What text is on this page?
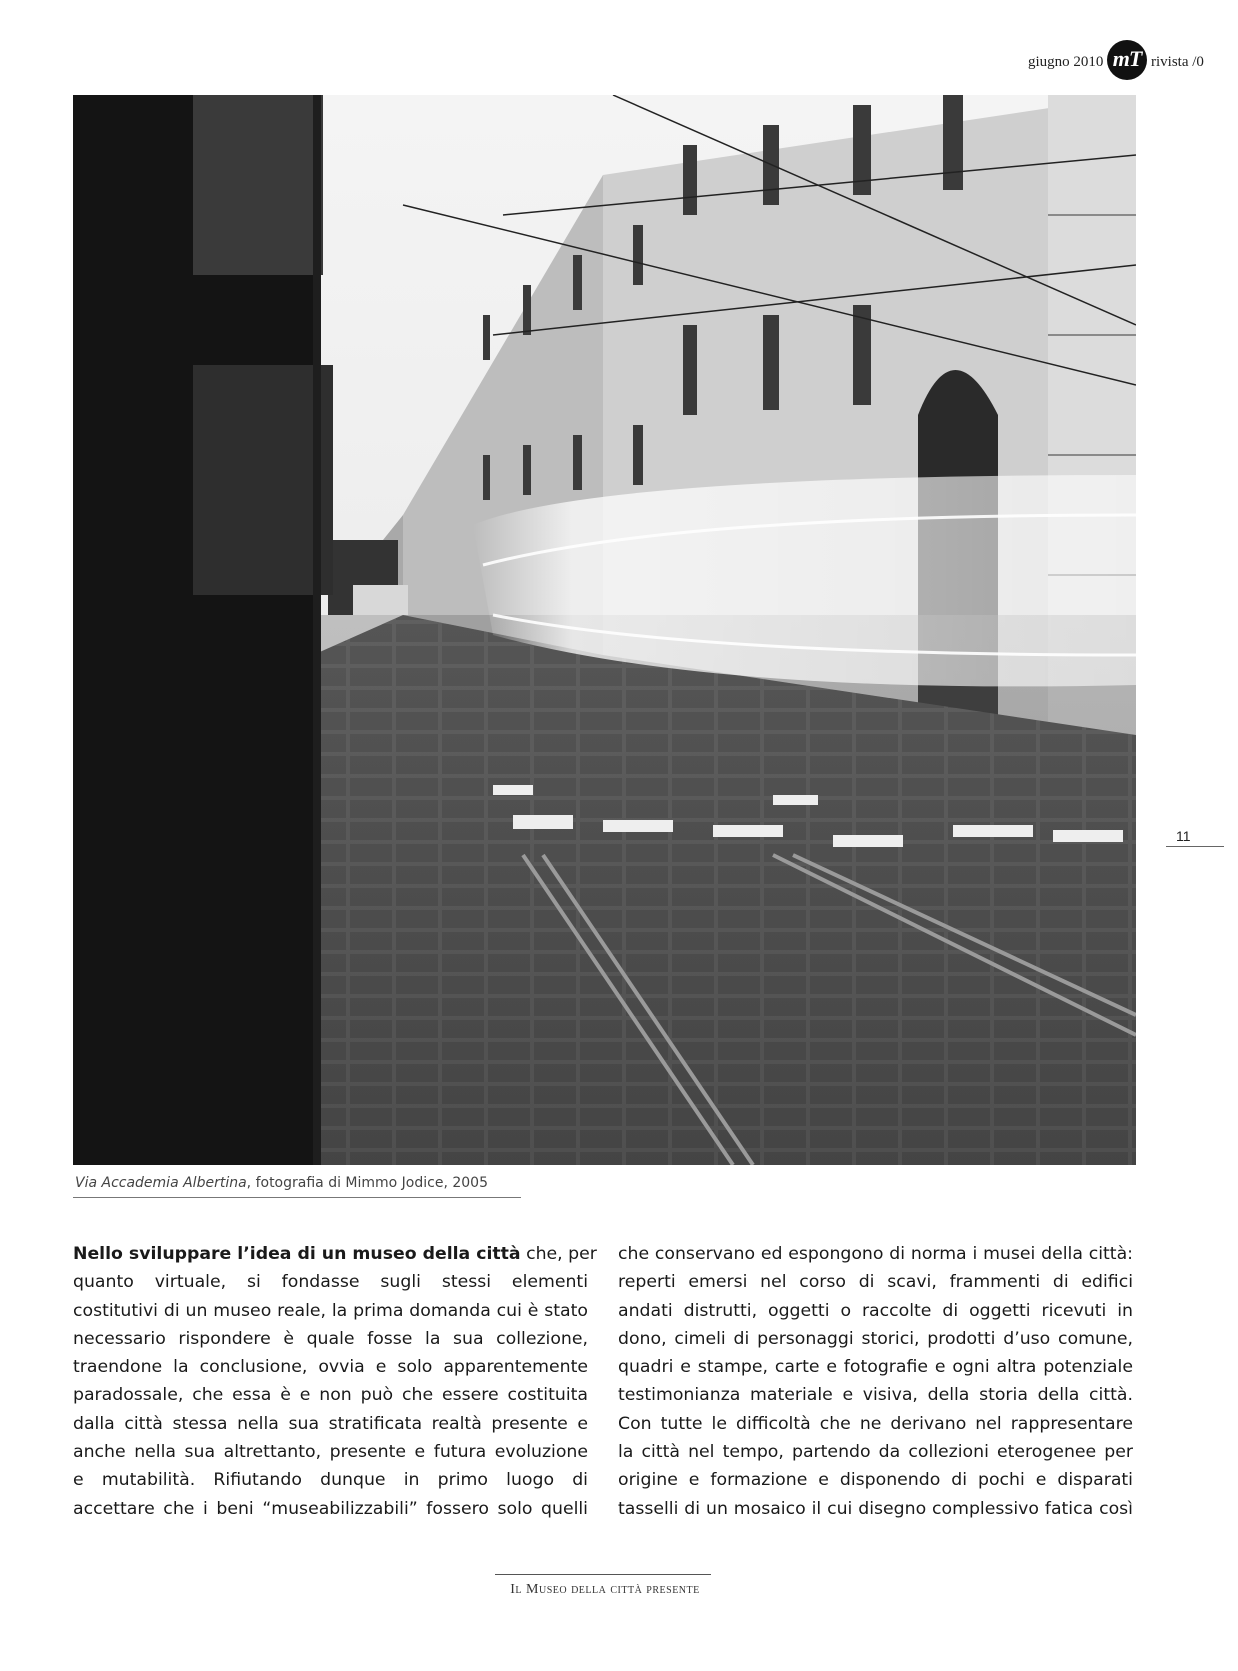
giugno 2010 mT rivista /0
Via Accademia Albertina, fotografia di Mimmo Jodice, 2005
11
Nello sviluppare l’idea di un museo della città che, per
quanto virtuale, si fondasse sugli stessi elementi
costitutivi di un museo reale, la prima domanda cui è stato
necessario rispondere è quale fosse la sua collezione,
traendone la conclusione, ovvia e solo apparentemente
paradossale, che essa è e non può che essere costituita
dalla città stessa nella sua stratificata realtà presente e
anche nella sua altrettanto, presente e futura evoluzione
e mutabilità. Rifiutando dunque in primo luogo di
accettare che i beni “museabilizzabili” fossero solo quelli
che conservano ed espongono di norma i musei della città:
reperti emersi nel corso di scavi, frammenti di edifici
andati distrutti, oggetti o raccolte di oggetti ricevuti in
dono, cimeli di personaggi storici, prodotti d’uso comune,
quadri e stampe, carte e fotografie e ogni altra potenziale
testimonianza materiale e visiva, della storia della città.
Con tutte le difficoltà che ne derivano nel rappresentare
la città nel tempo, partendo da collezioni eterogenee per
origine e formazione e disponendo di pochi e disparati
tasselli di un mosaico il cui disegno complessivo fatica così
Il Museo della città presente
